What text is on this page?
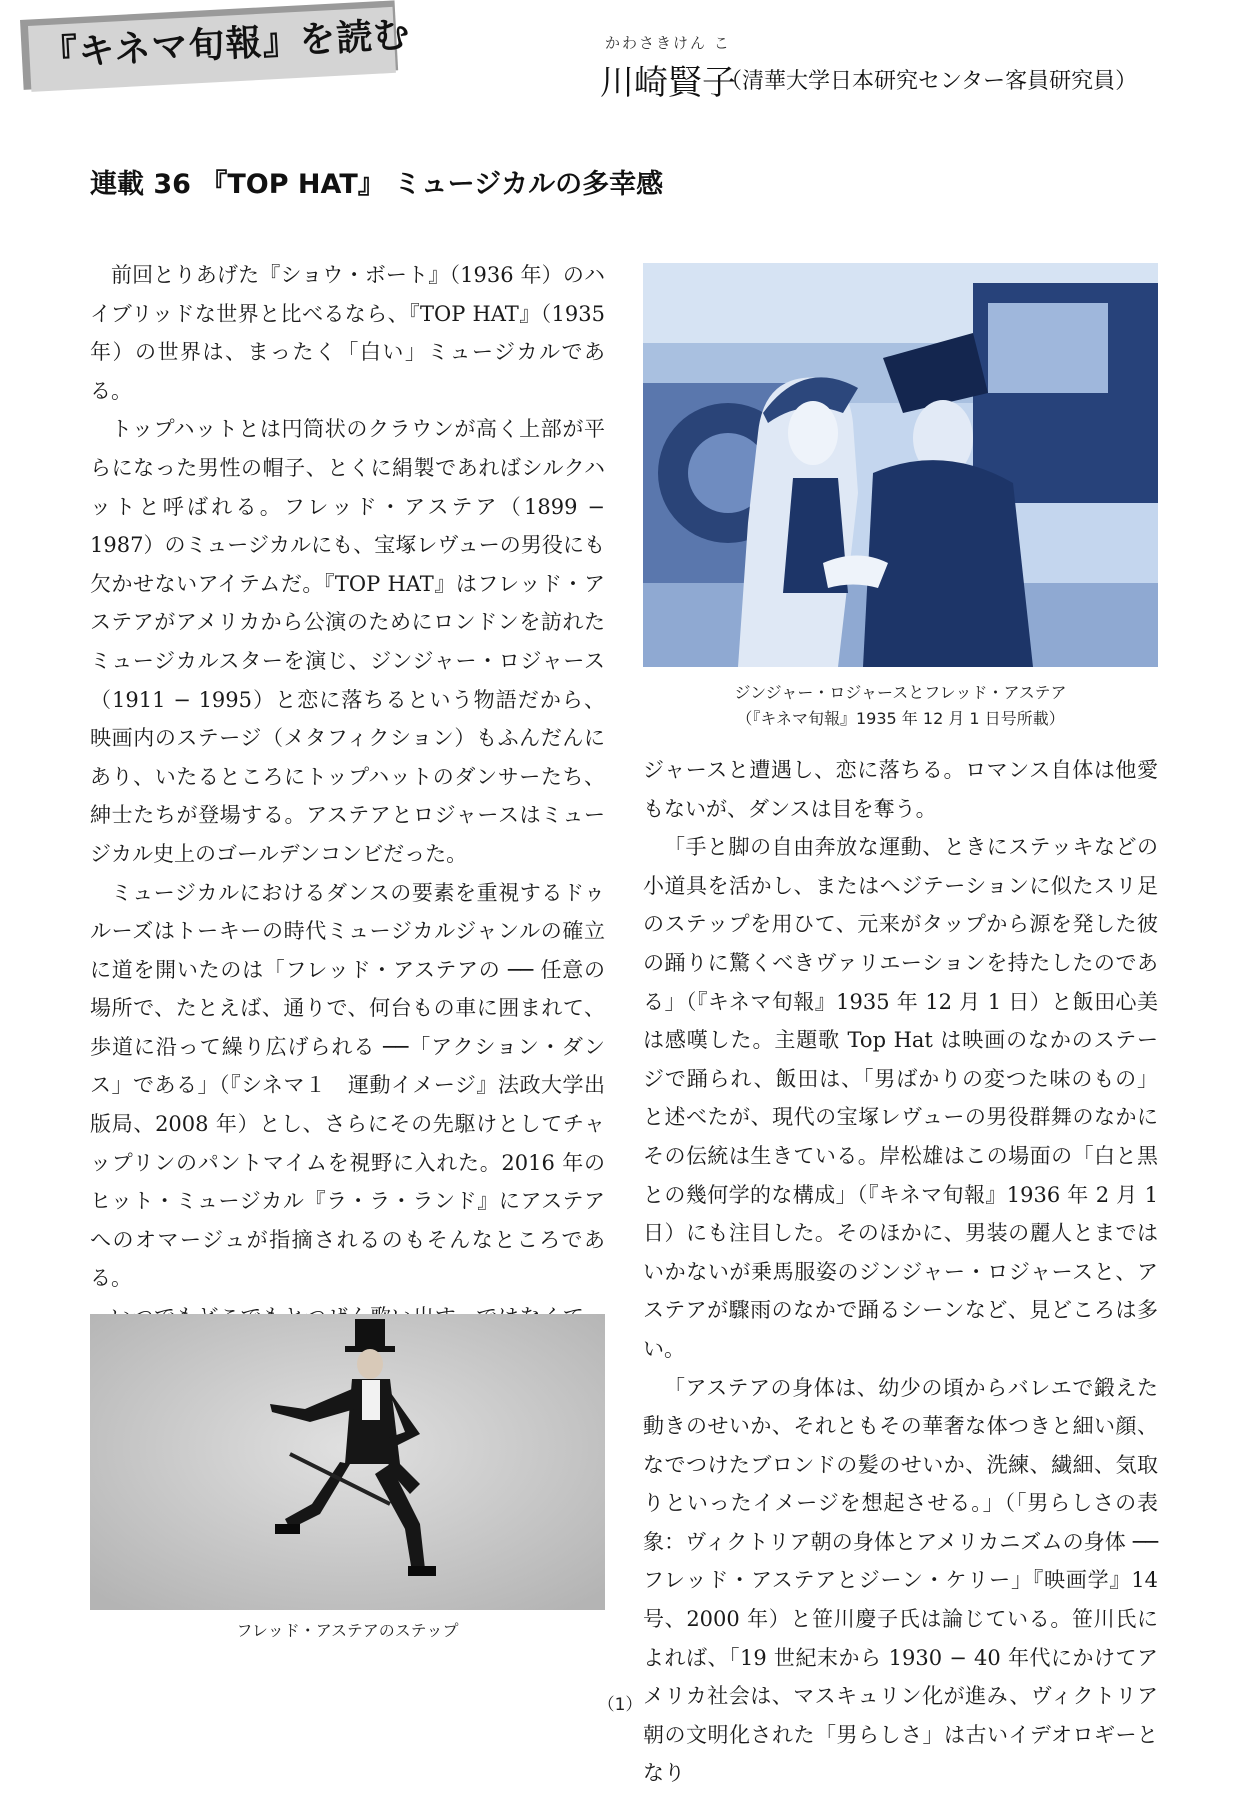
『キネマ旬報』を読む	かわさきけん こ
川崎賢子
（清華大学日本研究センター客員研究員）
連載 36 『TOP HAT』 ミュージカルの多幸感

前回とりあげた『ショウ・ボート』（1936 年）のハイブリッドな世界と比べるなら、『TOP HAT』（1935年）の世界は、まったく「白い」ミュージカルである。

トップハットとは円筒状のクラウンが高く上部が平らになった男性の帽子、とくに絹製であればシルクハットと呼ばれる。フレッド・アステア（1899 − 1987）のミュージカルにも、宝塚レヴューの男役にも欠かせないアイテムだ。『TOP HAT』はフレッド・アステアがアメリカから公演のためにロンドンを訪れたミュージカルスターを演じ、ジンジャー・ロジャース（1911 − 1995）と恋に落ちるという物語だから、映画内のステージ（メタフィクション）もふんだんにあり、いたるところにトップハットのダンサーたち、紳士たちが登場する。アステアとロジャースはミュージカル史上のゴールデンコンビだった。

ミュージカルにおけるダンスの要素を重視するドゥルーズはトーキーの時代ミュージカルジャンルの確立に道を開いたのは「フレッド・アステアの ── 任意の場所で、たとえば、通りで、何台もの車に囲まれて、歩道に沿って繰り広げられる ──「アクション・ダンス」である」（『シネマ１　運動イメージ』法政大学出版局、2008 年）とし、さらにその先駆けとしてチャップリンのパントマイムを視野に入れた。2016 年のヒット・ミュージカル『ラ・ラ・ランド』にアステアへのオマージュが指摘されるのもそんなところである。

ジンジャー・ロジャースとフレッド・アステア
（『キネマ旬報』1935 年 12 月 1 日号所載）

ジャースと遭遇し、恋に落ちる。ロマンス自体は他愛もないが、ダンスは目を奪う。

「手と脚の自由奔放な運動、ときにステッキなどの小道具を活かし、またはヘジテーションに似たスリ足のステップを用ひて、元来がタップから源を発した彼の踊りに驚くべきヴァリエーションを持たしたのである」（『キネマ旬報』1935 年 12 月 1 日）と飯田心美は感嘆した。主題歌 Top Hat は映画のなかのステージで踊られ、飯田は、「男ばかりの変つた味のもの」と述べたが、現代の宝塚レヴューの男役群舞のなかにその伝統は生きている。岸松雄はこの場面の「白と黒との幾何学的な構成」（『キネマ旬報』1936 年 2 月 1 日）にも注目した。そのほかに、男装の麗人とまではいかないが乗馬服姿のジンジャー・ロジャースと、アステアが驟雨のなかで踊るシーンなど、見どころは多い。

「アステアの身体は、幼少の頃からバレエで鍛えた動きのせいか、それともその華奢な体つきと細い顔、なでつけたブロンドの髪のせいか、洗練、繊細、気取りといったイメージを想起させる。」（「男らしさの表象：ヴィクトリア朝の身体とアメリカニズムの身体 ── フレッド・アステアとジーン・ケリー」『映画学』14 号、2000 年）と笹川慶子氏は論じている。笹川氏によれば、「19 世紀末から 1930 − 40 年代にかけてアメリカ社会は、マスキュリン化が進み、ヴィクトリア朝の文明化された「男らしさ」は古いイデオロギーとなり

フレッド・アステアのステップ
（1）
